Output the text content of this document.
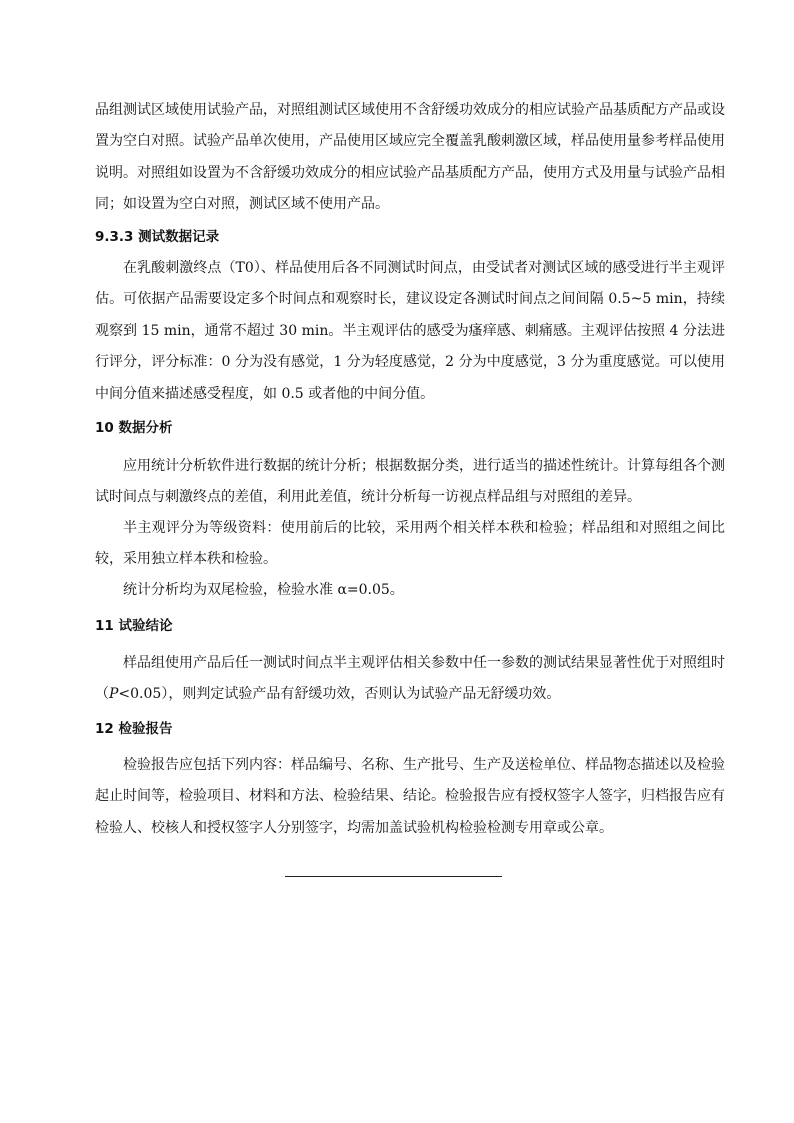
品组测试区域使用试验产品，对照组测试区域使用不含舒缓功效成分的相应试验产品基质配方产品或设置为空白对照。试验产品单次使用，产品使用区域应完全覆盖乳酸刺激区域，样品使用量参考样品使用说明。对照组如设置为不含舒缓功效成分的相应试验产品基质配方产品，使用方式及用量与试验产品相同；如设置为空白对照，测试区域不使用产品。

9.3.3 测试数据记录

在乳酸刺激终点（T0）、样品使用后各不同测试时间点，由受试者对测试区域的感受进行半主观评估。可依据产品需要设定多个时间点和观察时长，建议设定各测试时间点之间间隔 0.5~5 min，持续观察到 15 min，通常不超过 30 min。半主观评估的感受为瘙痒感、刺痛感。主观评估按照 4 分法进行评分，评分标准：0 分为没有感觉，1 分为轻度感觉，2 分为中度感觉，3 分为重度感觉。可以使用中间分值来描述感受程度，如 0.5 或者他的中间分值。

10 数据分析

应用统计分析软件进行数据的统计分析；根据数据分类，进行适当的描述性统计。计算每组各个测试时间点与刺激终点的差值，利用此差值，统计分析每一访视点样品组与对照组的差异。

半主观评分为等级资料：使用前后的比较，采用两个相关样本秩和检验；样品组和对照组之间比较，采用独立样本秩和检验。

统计分析均为双尾检验，检验水准 α=0.05。

11 试验结论

样品组使用产品后任一测试时间点半主观评估相关参数中任一参数的测试结果显著性优于对照组时（P<0.05），则判定试验产品有舒缓功效，否则认为试验产品无舒缓功效。

12 检验报告

检验报告应包括下列内容：样品编号、名称、生产批号、生产及送检单位、样品物态描述以及检验起止时间等，检验项目、材料和方法、检验结果、结论。检验报告应有授权签字人签字，归档报告应有检验人、校核人和授权签字人分别签字，均需加盖试验机构检验检测专用章或公章。
